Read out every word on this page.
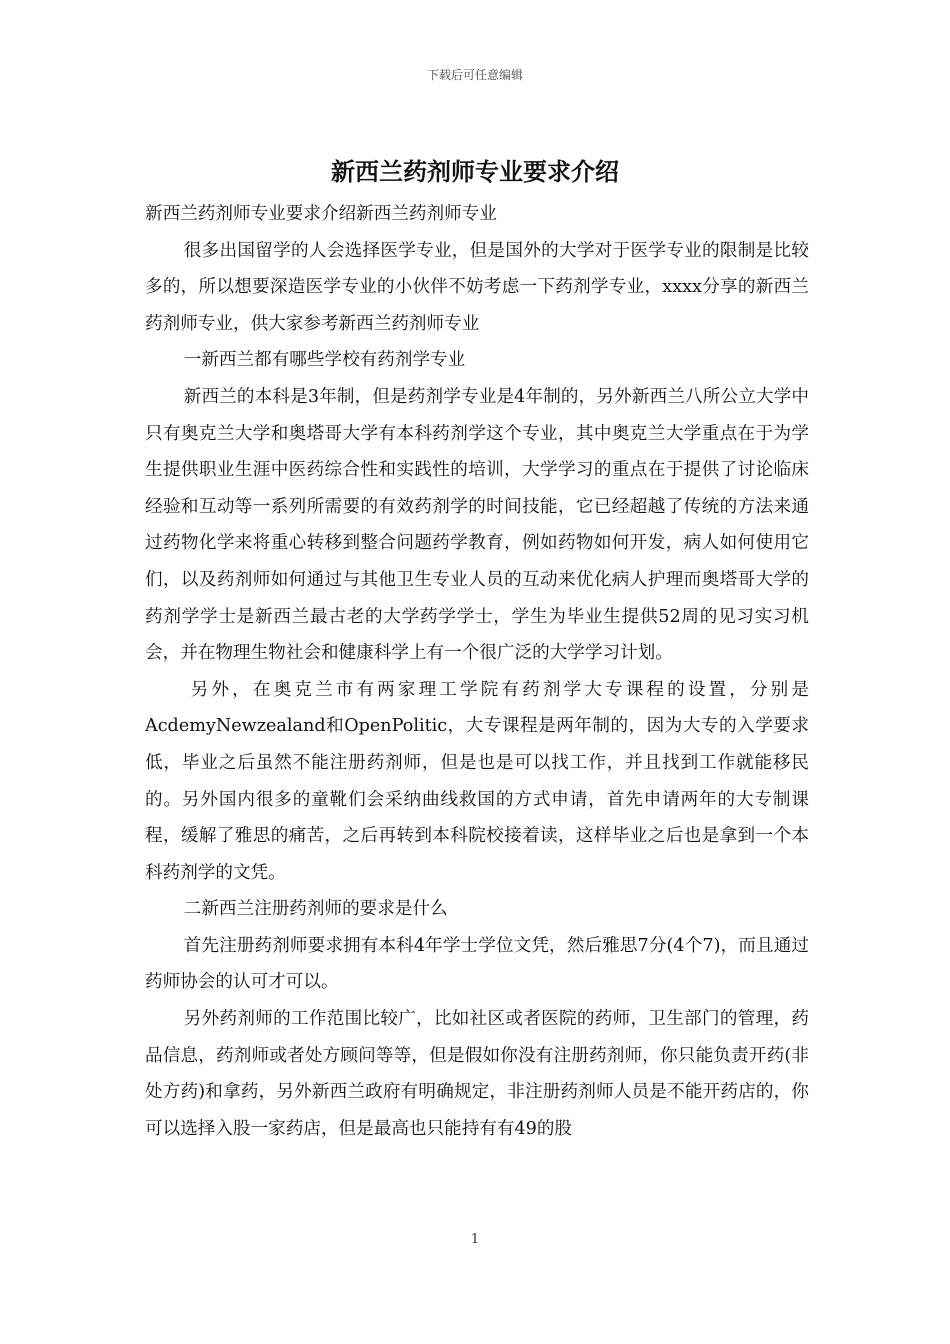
下载后可任意编辑
新西兰药剂师专业要求介绍

新西兰药剂师专业要求介绍新西兰药剂师专业

很多出国留学的人会选择医学专业，但是国外的大学对于医学专业的限制是比较多的，所以想要深造医学专业的小伙伴不妨考虑一下药剂学专业，xxxx分享的新西兰药剂师专业，供大家参考新西兰药剂师专业

一新西兰都有哪些学校有药剂学专业

新西兰的本科是3年制，但是药剂学专业是4年制的，另外新西兰八所公立大学中只有奥克兰大学和奥塔哥大学有本科药剂学这个专业，其中奥克兰大学重点在于为学生提供职业生涯中医药综合性和实践性的培训，大学学习的重点在于提供了讨论临床经验和互动等一系列所需要的有效药剂学的时间技能，它已经超越了传统的方法来通过药物化学来将重心转移到整合问题药学教育，例如药物如何开发，病人如何使用它们，以及药剂师如何通过与其他卫生专业人员的互动来优化病人护理而奥塔哥大学的药剂学学士是新西兰最古老的大学药学学士，学生为毕业生提供52周的见习实习机会，并在物理生物社会和健康科学上有一个很广泛的大学学习计划。

另外，在奥克兰市有两家理工学院有药剂学大专课程的设置，分别是AcdemyNewzealand和OpenPolitic，大专课程是两年制的，因为大专的入学要求低，毕业之后虽然不能注册药剂师，但是也是可以找工作，并且找到工作就能移民的。另外国内很多的童靴们会采纳曲线救国的方式申请，首先申请两年的大专制课程，缓解了雅思的痛苦，之后再转到本科院校接着读，这样毕业之后也是拿到一个本科药剂学的文凭。

二新西兰注册药剂师的要求是什么

首先注册药剂师要求拥有本科4年学士学位文凭，然后雅思7分(4个7)，而且通过药师协会的认可才可以。

另外药剂师的工作范围比较广，比如社区或者医院的药师，卫生部门的管理，药品信息，药剂师或者处方顾问等等，但是假如你没有注册药剂师，你只能负责开药(非处方药)和拿药，另外新西兰政府有明确规定，非注册药剂师人员是不能开药店的，你可以选择入股一家药店，但是最高也只能持有有49的股

1
